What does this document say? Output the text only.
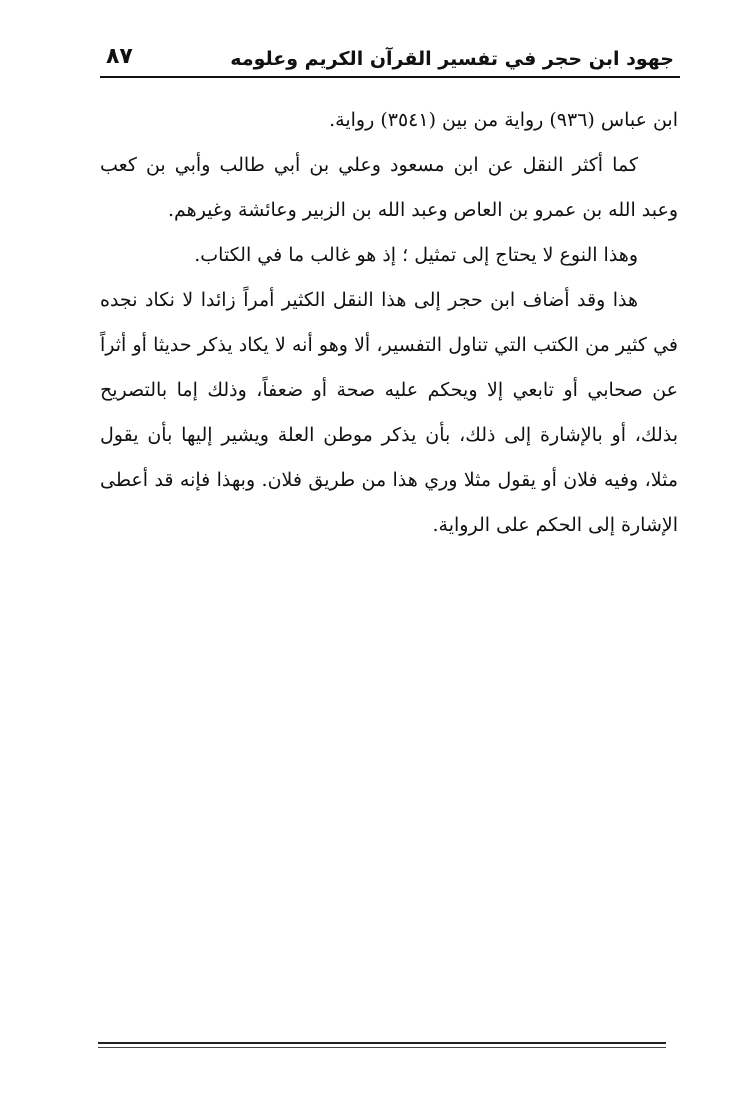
٨٧	جهود ابن حجر في تفسير القرآن الكريم وعلومه

ابن عباس (٩٣٦) رواية من بين (٣٥٤١) رواية.

كما أكثر النقل عن ابن مسعود وعلي بن أبي طالب وأبي بن كعب وعبد الله بن عمرو بن العاص وعبد الله بن الزبير وعائشة وغيرهم.

وهذا النوع لا يحتاج إلى تمثيل ؛ إذ هو غالب ما في الكتاب.

هذا وقد أضاف ابن حجر إلى هذا النقل الكثير أمراً زائدا لا نكاد نجده في كثير من الكتب التي تناول التفسير، ألا وهو أنه لا يكاد يذكر حديثا أو أثراً عن صحابي أو تابعي إلا ويحكم عليه صحة أو ضعفاً، وذلك إما بالتصريح بذلك، أو بالإشارة إلى ذلك، بأن يذكر موطن العلة ويشير إليها بأن يقول مثلا، وفيه فلان أو يقول مثلا وري هذا من طريق فلان. وبهذا فإنه قد أعطى الإشارة إلى الحكم على الرواية.
